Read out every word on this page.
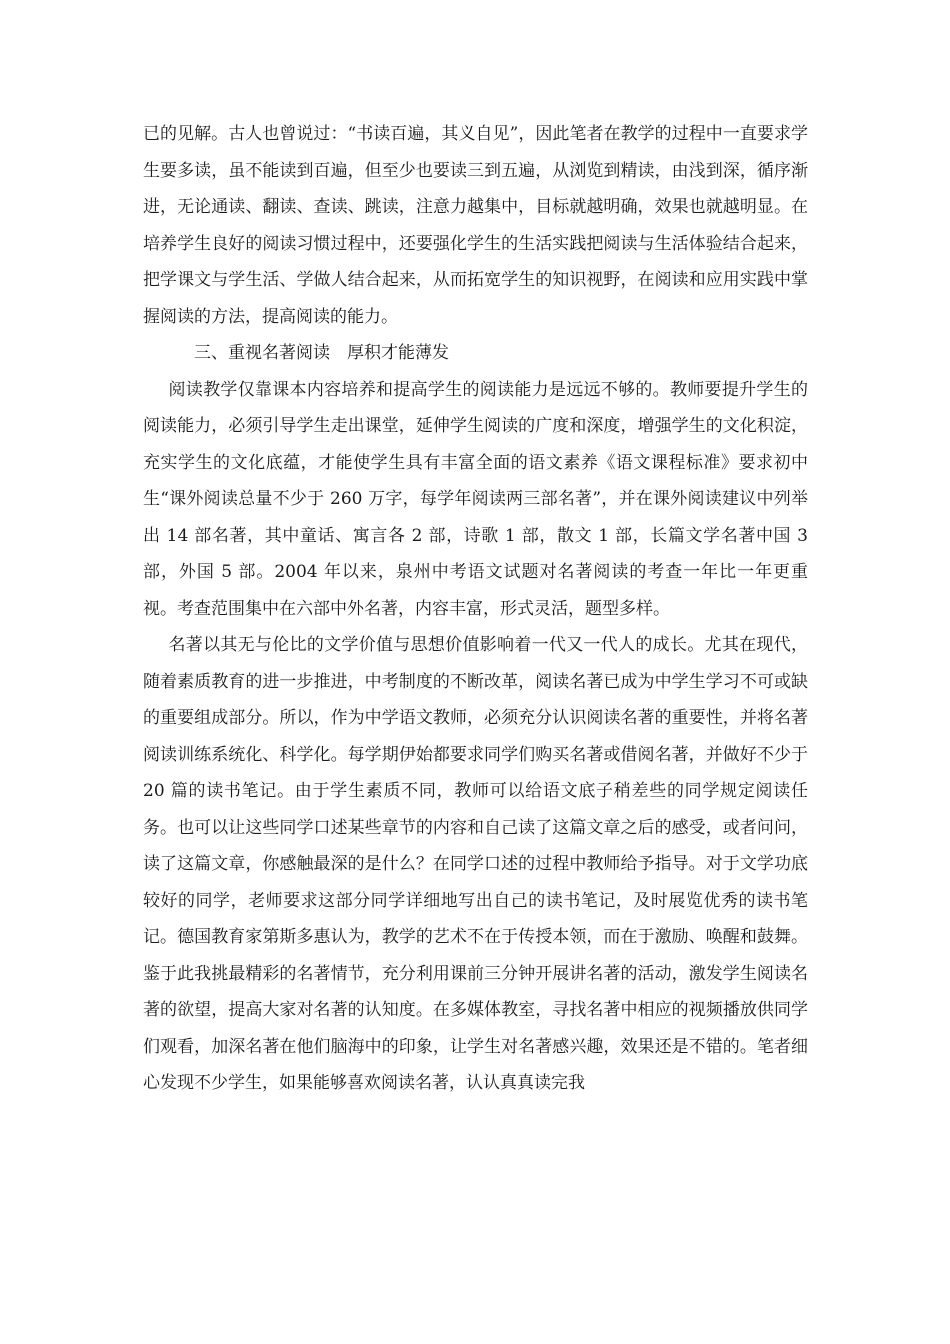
已的见解。古人也曾说过：“书读百遍，其义自见”，因此笔者在教学的过程中一直要求学生要多读，虽不能读到百遍，但至少也要读三到五遍，从浏览到精读，由浅到深，循序渐进，无论通读、翻读、查读、跳读，注意力越集中，目标就越明确，效果也就越明显。在培养学生良好的阅读习惯过程中，还要强化学生的生活实践把阅读与生活体验结合起来，把学课文与学生活、学做人结合起来，从而拓宽学生的知识视野，在阅读和应用实践中掌握阅读的方法，提高阅读的能力。

三、重视名著阅读　厚积才能薄发

阅读教学仅靠课本内容培养和提高学生的阅读能力是远远不够的。教师要提升学生的阅读能力，必须引导学生走出课堂，延伸学生阅读的广度和深度，增强学生的文化积淀，充实学生的文化底蕴，才能使学生具有丰富全面的语文素养《语文课程标准》要求初中生“课外阅读总量不少于 260 万字，每学年阅读两三部名著”，并在课外阅读建议中列举出 14 部名著，其中童话、寓言各 2 部，诗歌 1 部，散文 1 部，长篇文学名著中国 3 部，外国 5 部。2004 年以来，泉州中考语文试题对名著阅读的考查一年比一年更重视。考查范围集中在六部中外名著，内容丰富，形式灵活，题型多样。

名著以其无与伦比的文学价值与思想价值影响着一代又一代人的成长。尤其在现代，随着素质教育的进一步推进，中考制度的不断改革，阅读名著已成为中学生学习不可或缺的重要组成部分。所以，作为中学语文教师，必须充分认识阅读名著的重要性，并将名著阅读训练系统化、科学化。每学期伊始都要求同学们购买名著或借阅名著，并做好不少于 20 篇的读书笔记。由于学生素质不同，教师可以给语文底子稍差些的同学规定阅读任务。也可以让这些同学口述某些章节的内容和自己读了这篇文章之后的感受，或者问问，读了这篇文章，你感触最深的是什么？在同学口述的过程中教师给予指导。对于文学功底较好的同学，老师要求这部分同学详细地写出自己的读书笔记，及时展览优秀的读书笔记。德国教育家第斯多惠认为，教学的艺术不在于传授本领，而在于激励、唤醒和鼓舞。鉴于此我挑最精彩的名著情节，充分利用课前三分钟开展讲名著的活动，激发学生阅读名著的欲望，提高大家对名著的认知度。在多媒体教室，寻找名著中相应的视频播放供同学们观看，加深名著在他们脑海中的印象，让学生对名著感兴趣，效果还是不错的。笔者细心发现不少学生，如果能够喜欢阅读名著，认认真真读完我
